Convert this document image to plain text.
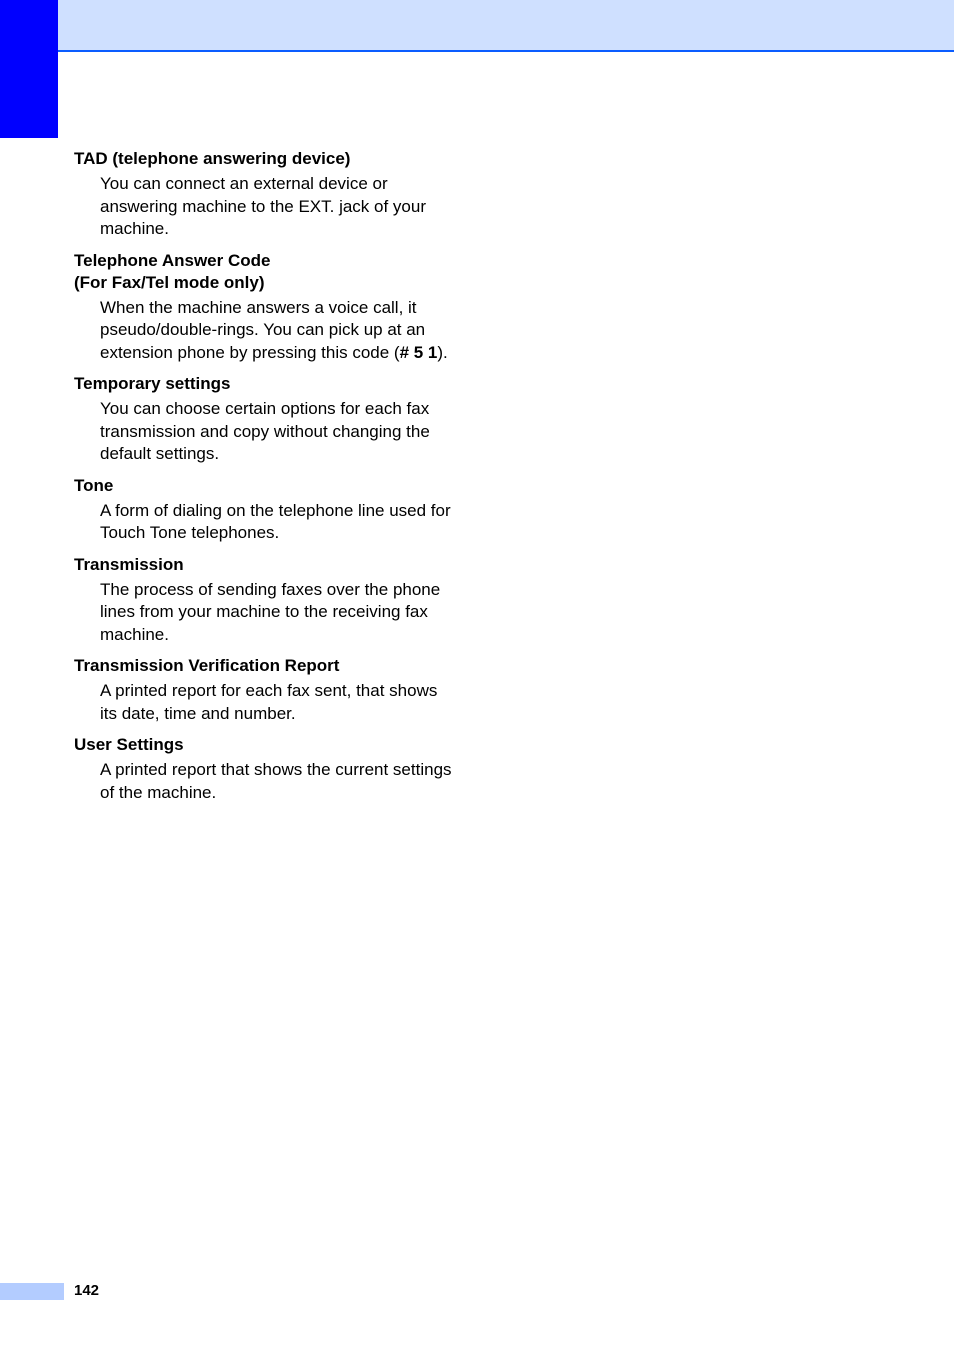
TAD (telephone answering device)

You can connect an external device or answering machine to the EXT. jack of your machine.

Telephone Answer Code
(For Fax/Tel mode only)

When the machine answers a voice call, it pseudo/double-rings. You can pick up at an extension phone by pressing this code (# 5 1).

Temporary settings

You can choose certain options for each fax transmission and copy without changing the default settings.

Tone

A form of dialing on the telephone line used for Touch Tone telephones.

Transmission

The process of sending faxes over the phone lines from your machine to the receiving fax machine.

Transmission Verification Report

A printed report for each fax sent, that shows its date, time and number.

User Settings

A printed report that shows the current settings of the machine.

142
